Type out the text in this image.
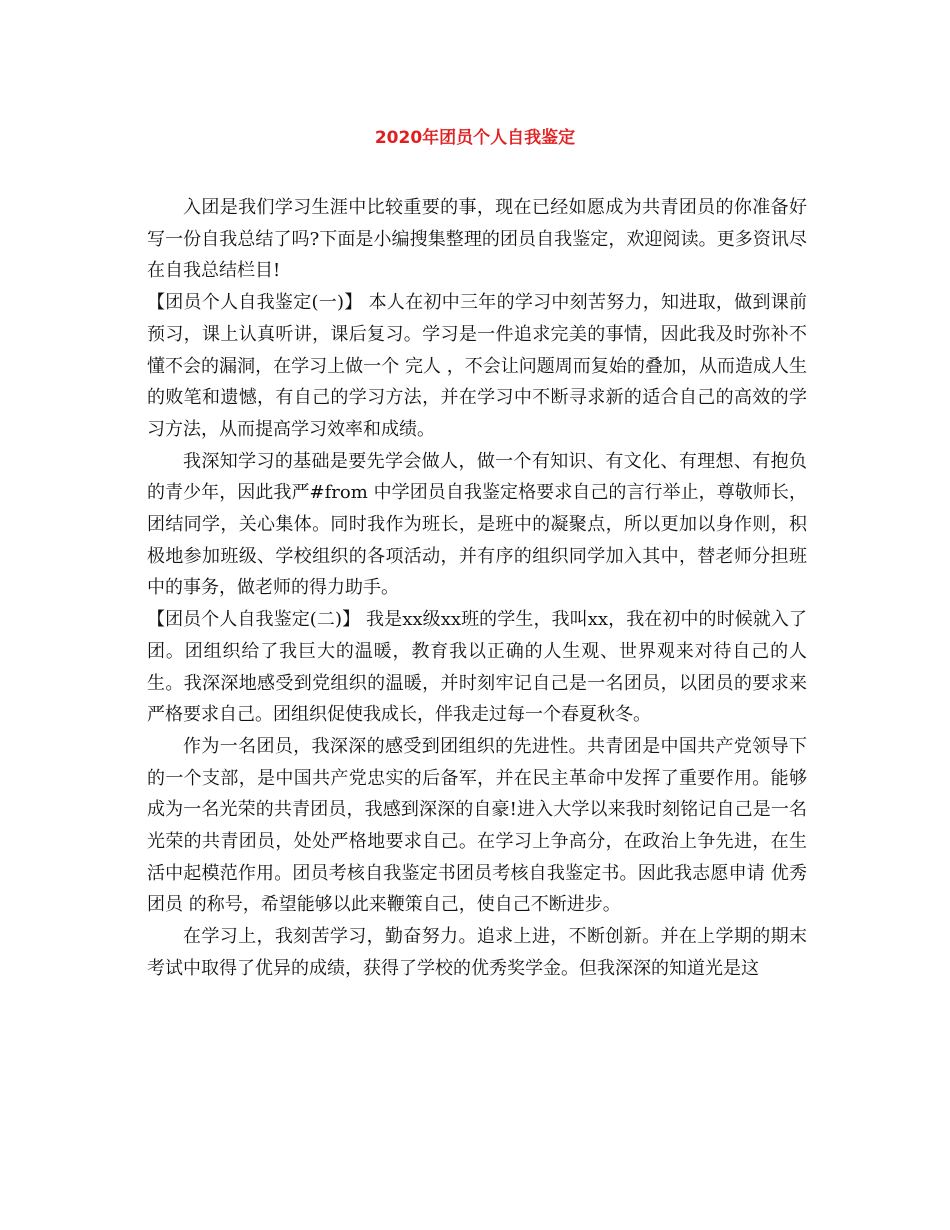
2020年团员个人自我鉴定

入团是我们学习生涯中比较重要的事，现在已经如愿成为共青团员的你准备好写一份自我总结了吗?下面是小编搜集整理的团员自我鉴定，欢迎阅读。更多资讯尽在自我总结栏目!

【团员个人自我鉴定(一)】 本人在初中三年的学习中刻苦努力，知进取，做到课前预习，课上认真听讲，课后复习。学习是一件追求完美的事情，因此我及时弥补不懂不会的漏洞，在学习上做一个 完人 ，不会让问题周而复始的叠加，从而造成人生的败笔和遗憾，有自己的学习方法，并在学习中不断寻求新的适合自己的高效的学习方法，从而提高学习效率和成绩。

我深知学习的基础是要先学会做人，做一个有知识、有文化、有理想、有抱负的青少年，因此我严#from 中学团员自我鉴定格要求自己的言行举止，尊敬师长，团结同学，关心集体。同时我作为班长，是班中的凝聚点，所以更加以身作则，积极地参加班级、学校组织的各项活动，并有序的组织同学加入其中，替老师分担班中的事务，做老师的得力助手。

【团员个人自我鉴定(二)】 我是xx级xx班的学生，我叫xx，我在初中的时候就入了团。团组织给了我巨大的温暖，教育我以正确的人生观、世界观来对待自己的人生。我深深地感受到党组织的温暖，并时刻牢记自己是一名团员，以团员的要求来严格要求自己。团组织促使我成长，伴我走过每一个春夏秋冬。

作为一名团员，我深深的感受到团组织的先进性。共青团是中国共产党领导下的一个支部，是中国共产党忠实的后备军，并在民主革命中发挥了重要作用。能够成为一名光荣的共青团员，我感到深深的自豪!进入大学以来我时刻铭记自己是一名光荣的共青团员，处处严格地要求自己。在学习上争高分，在政治上争先进，在生活中起模范作用。团员考核自我鉴定书团员考核自我鉴定书。因此我志愿申请 优秀团员 的称号，希望能够以此来鞭策自己，使自己不断进步。

在学习上，我刻苦学习，勤奋努力。追求上进，不断创新。并在上学期的期末考试中取得了优异的成绩，获得了学校的优秀奖学金。但我深深的知道光是这
